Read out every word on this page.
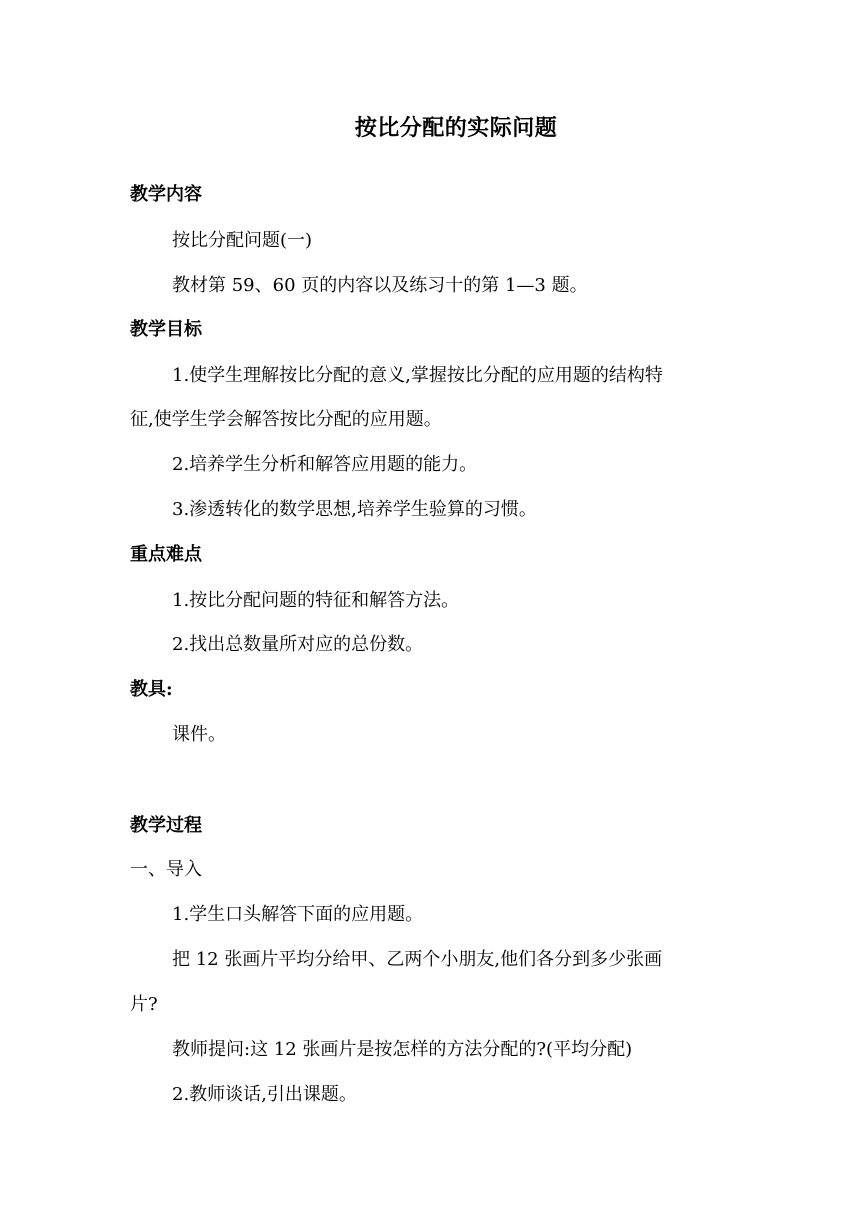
按比分配的实际问题
教学内容
按比分配问题(一)
教材第 59、60 页的内容以及练习十的第 1—3 题。
教学目标
1.使学生理解按比分配的意义,掌握按比分配的应用题的结构特
征,使学生学会解答按比分配的应用题。
2.培养学生分析和解答应用题的能力。
3.渗透转化的数学思想,培养学生验算的习惯。
重点难点
1.按比分配问题的特征和解答方法。
2.找出总数量所对应的总份数。
教具:
课件。
教学过程
一、导入
1.学生口头解答下面的应用题。
把 12 张画片平均分给甲、乙两个小朋友,他们各分到多少张画
片?
教师提问:这 12 张画片是按怎样的方法分配的?(平均分配)
2.教师谈话,引出课题。
